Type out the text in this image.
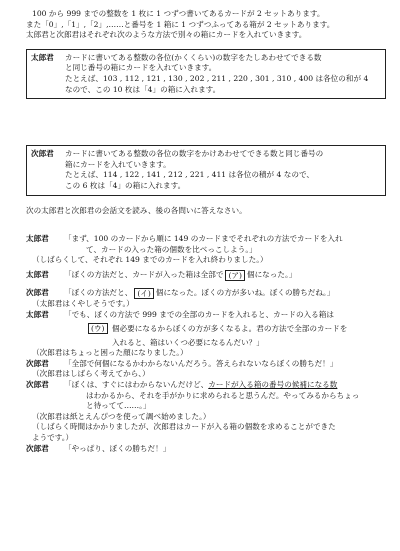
100 から 999 までの整数を 1 枚に 1 つずつ書いてあるカードが 2 セットあります。
また「0」,「1」,「2」,……と番号を 1 箱に 1 つずつふってある箱が 2 セットあります。
太郎君と次郎君はそれぞれ次のような方法で別々の箱にカードを入れていきます。
太郎君	カードに書いてある整数の各位(かくくらい)の数字をたしあわせてできる数
と同じ番号の箱にカードを入れていきます。
たとえば、103 , 112 , 121 , 130 , 202 , 211 , 220 , 301 , 310 , 400 は各位の和が 4
なので、この 10 枚は「4」の箱に入れます。
次郎君	カードに書いてある整数の各位の数字をかけあわせてできる数と同じ番号の
箱にカードを入れていきます。
たとえば、114 , 122 , 141 , 212 , 221 , 411 は各位の積が 4 なので、
この 6 枚は「4」の箱に入れます。
次の太郎君と次郎君の会話文を読み、後の各問いに答えなさい。
太郎君	「まず、100 のカードから順に 149 のカードまでそれぞれの方法でカードを入れ
て、カードの入った箱の個数を比べっこしよう。」
（しばらくして、それぞれ 149 までのカードを入れ終わりました。）
太郎君	「ぼくの方法だと、カードが入った箱は全部で (ア) 個になった。」
次郎君	「ぼくの方法だと、 (イ) 個になった。ぼくの方が多いね。ぼくの勝ちだね。」
（太郎君はくやしそうです。）
太郎君	「でも、ぼくの方法で 999 までの全部のカードを入れると、カードの入る箱は
(ウ) 個必要になるからぼくの方が多くなるよ。君の方法で全部のカードを
入れると、箱はいくつ必要になるんだい？」
（次郎君はちょっと困った顔になりました。）
次郎君	「全部で何個になるかわからないんだろう。答えられないならぼくの勝ちだ！」
（次郎君はしばらく考えてから、）
次郎君	「ぼくは、すぐにはわからないんだけど、 カードが入る箱の番号の候補になる数
はわかるから、それを手がかりに求められると思うんだ。やってみるからちょっ
と待ってて……。」
（次郎君は紙とえんぴつを使って調べ始めました。）
（しばらく時間はかかりましたが、次郎君はカードが入る箱の個数を求めることができた
ようです。）
次郎君	「やっぱり、ぼくの勝ちだ！」
